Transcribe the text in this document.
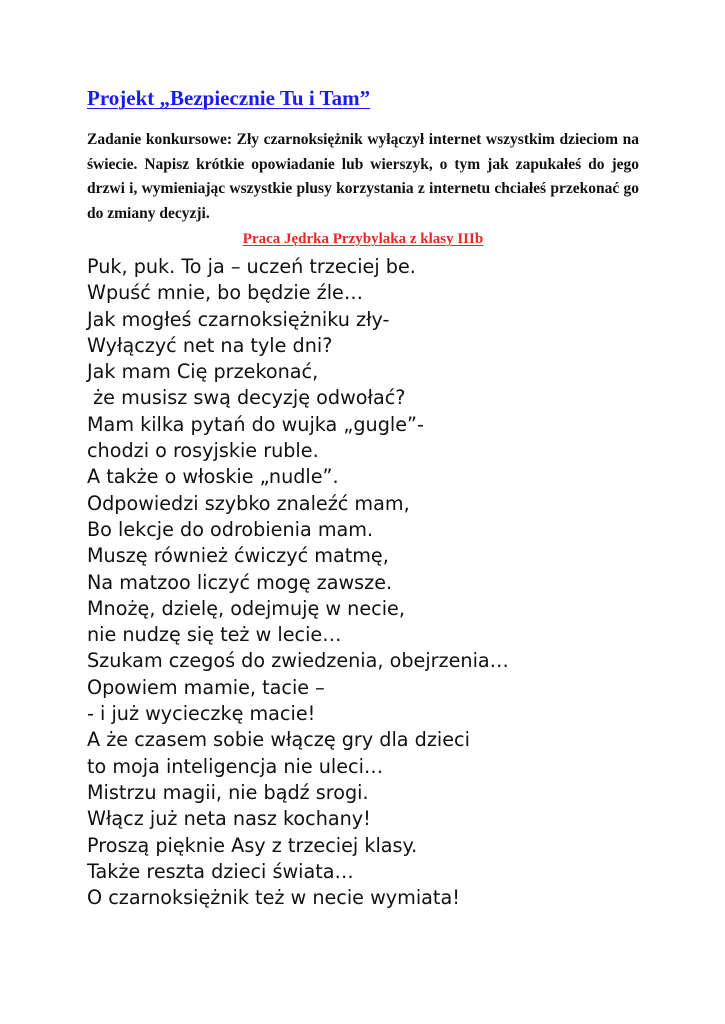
Projekt „Bezpiecznie Tu i Tam”

Zadanie konkursowe: Zły czarnoksiężnik wyłączył internet wszystkim dzieciom na świecie. Napisz krótkie opowiadanie lub wierszyk, o tym jak zapukałeś do jego drzwi i, wymieniając wszystkie plusy korzystania z internetu chciałeś przekonać go do zmiany decyzji.

Praca Jędrka Przybylaka z klasy IIIb
Puk, puk. To ja – uczeń trzeciej be.
Wpuść mnie, bo będzie źle…
Jak mogłeś czarnoksiężniku zły-
Wyłączyć net na tyle dni?
Jak mam Cię przekonać,
że musisz swą decyzję odwołać?
Mam kilka pytań do wujka „gugle”-
chodzi o rosyjskie ruble.
A także o włoskie „nudle”.
Odpowiedzi szybko znaleźć mam,
Bo lekcje do odrobienia mam.
Muszę również ćwiczyć matmę,
Na matzoo liczyć mogę zawsze.
Mnożę, dzielę, odejmuję w necie,
nie nudzę się też w lecie…
Szukam czegoś do zwiedzenia, obejrzenia…
Opowiem mamie, tacie –
- i już wycieczkę macie!
A że czasem sobie włączę gry dla dzieci
to moja inteligencja nie uleci…
Mistrzu magii, nie bądź srogi.
Włącz już neta nasz kochany!
Proszą pięknie Asy z trzeciej klasy.
Także reszta dzieci świata…
O czarnoksiężnik też w necie wymiata!
